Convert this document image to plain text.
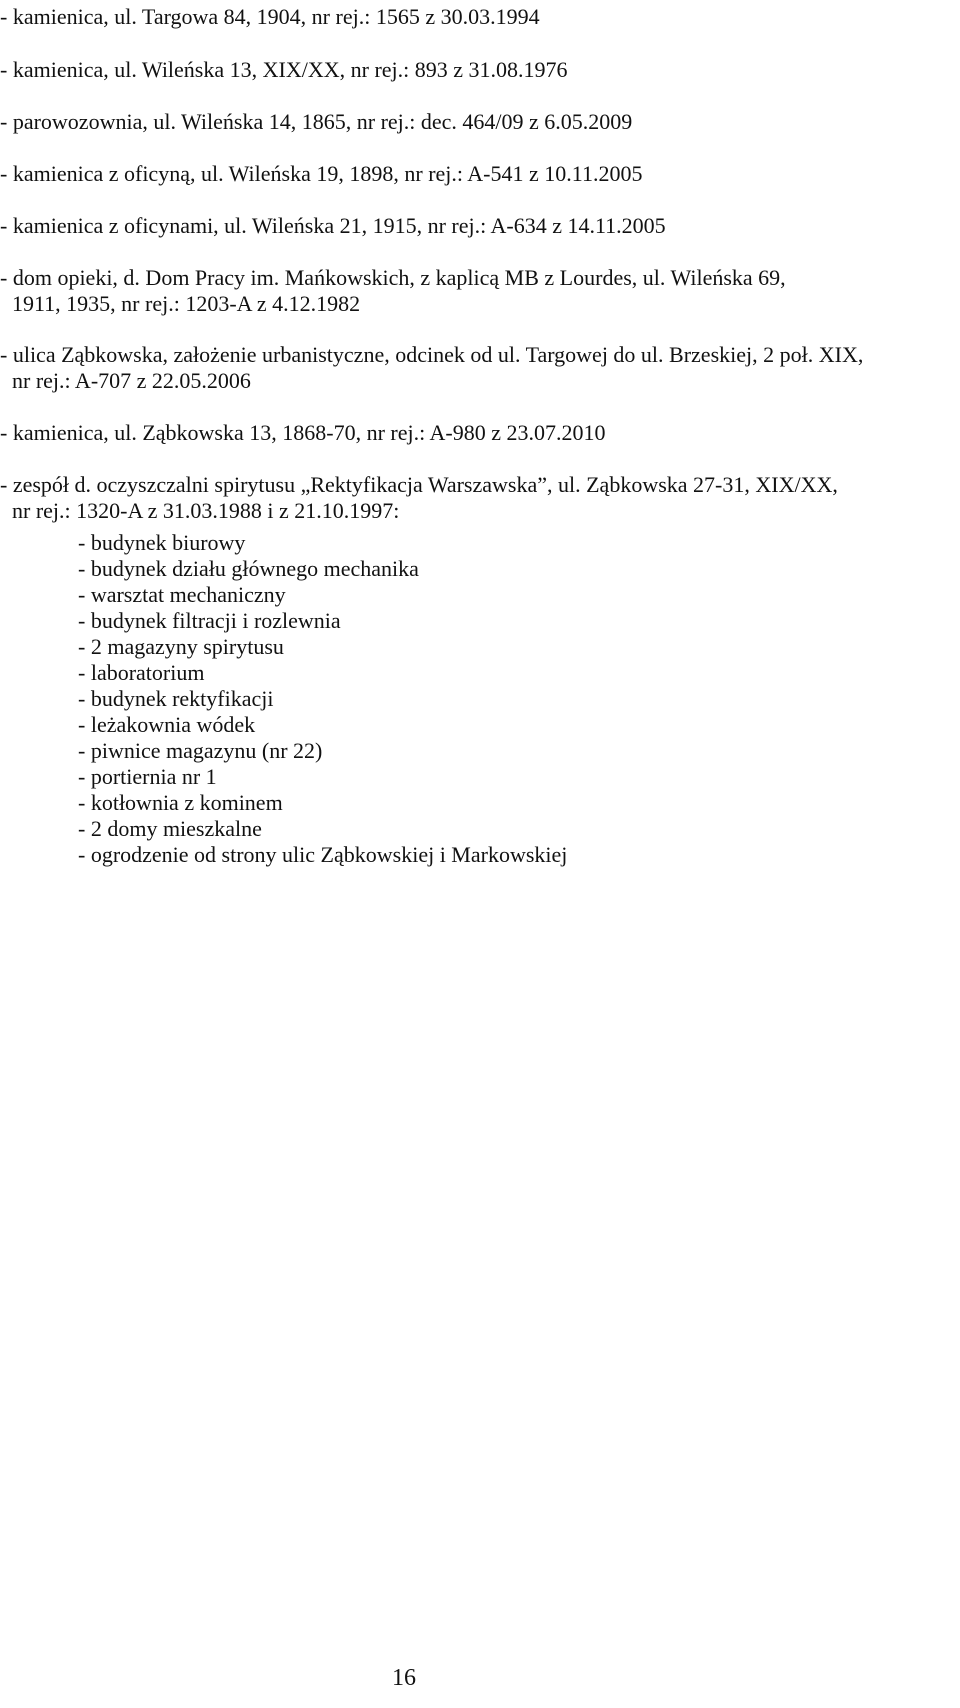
- kamienica, ul. Targowa 84, 1904, nr rej.: 1565 z 30.03.1994
- kamienica, ul. Wileńska 13, XIX/XX, nr rej.: 893 z 31.08.1976
- parowozownia, ul. Wileńska 14, 1865, nr rej.: dec. 464/09 z 6.05.2009
- kamienica z oficyną, ul. Wileńska 19, 1898, nr rej.: A-541 z 10.11.2005
- kamienica z oficynami, ul. Wileńska 21, 1915, nr rej.: A-634 z 14.11.2005
- dom opieki, d. Dom Pracy im. Mańkowskich, z kaplicą MB z Lourdes, ul. Wileńska 69,
1911, 1935, nr rej.: 1203-A z 4.12.1982
- ulica Ząbkowska, założenie urbanistyczne, odcinek od ul. Targowej do ul. Brzeskiej, 2 poł. XIX,
nr rej.: A-707 z 22.05.2006
- kamienica, ul. Ząbkowska 13, 1868-70, nr rej.: A-980 z 23.07.2010
- zespół d. oczyszczalni spirytusu „Rektyfikacja Warszawska”, ul. Ząbkowska 27-31, XIX/XX,
nr rej.: 1320-A z 31.03.1988 i z 21.10.1997:
- budynek biurowy
- budynek działu głównego mechanika
- warsztat mechaniczny
- budynek filtracji i rozlewnia
- 2 magazyny spirytusu
- laboratorium
- budynek rektyfikacji
- leżakownia wódek
- piwnice magazynu (nr 22)
- portiernia nr 1
- kotłownia z kominem
- 2 domy mieszkalne
- ogrodzenie od strony ulic Ząbkowskiej i Markowskiej
16
